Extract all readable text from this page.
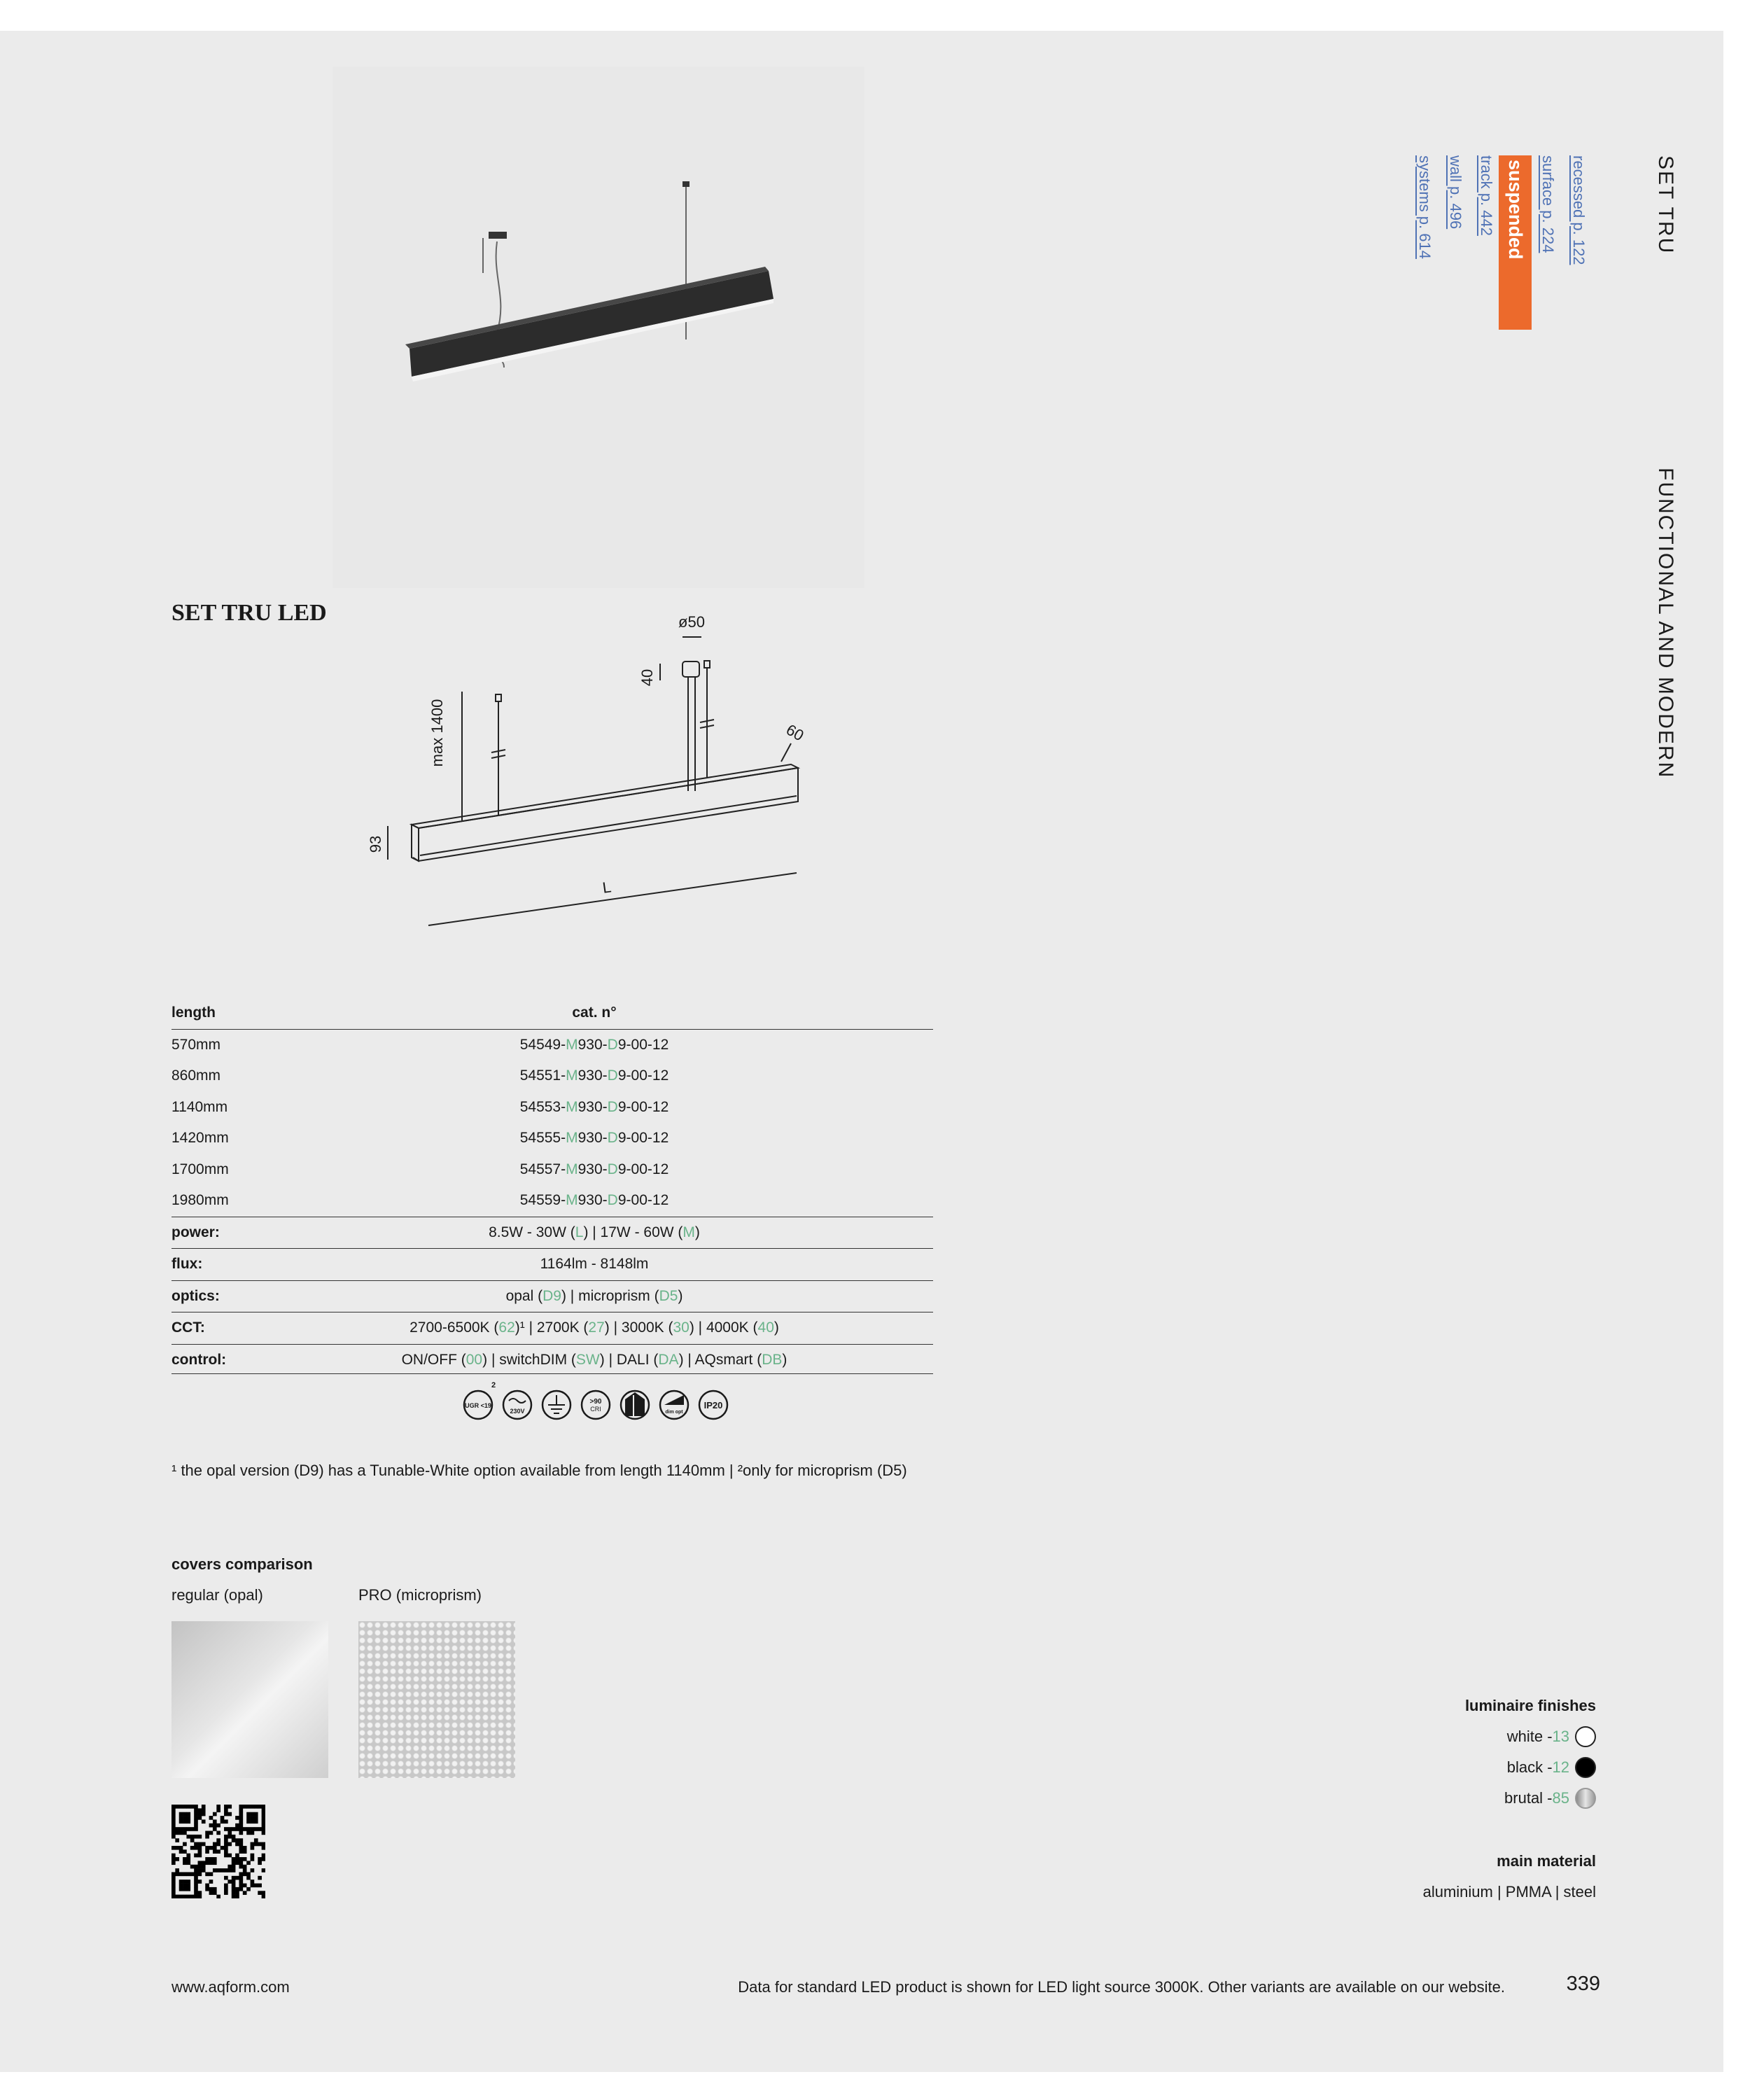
SET TRU
FUNCTIONAL AND MODERN
recessed p. 122
surface p. 224
suspended
track p. 442
wall p. 496
systems p. 614
SET TRU LED	ø50
40
max 1400	60
93
L
length	cat. n°
570mm	54549-M930-D9-00-12
860mm	54551-M930-D9-00-12
1140mm	54553-M930-D9-00-12
1420mm	54555-M930-D9-00-12
1700mm	54557-M930-D9-00-12
1980mm	54559-M930-D9-00-12
power:	8.5W - 30W (L) | 17W - 60W (M)
flux:	1164lm - 8148lm
optics:	opal (D9) | microprism (D5)
CCT:	2700-6500K (62)¹ | 2700K (27) | 3000K (30) | 4000K (40)
control:	ON/OFF (00) | switchDIM (SW) | DALI (DA) | AQsmart (DB)
UGR <19
2
230V
>90
CRI	dim opt
IP20
¹ the opal version (D9) has a Tunable-White option available from length 1140mm | ²only for microprism (D5)
covers comparison
regular (opal)	PRO (microprism)
luminaire finishes
white -13
black -12
brutal -85
main material
aluminium | PMMA | steel
www.aqform.com	Data for standard LED product is shown for LED light source 3000K. Other variants are available on our website.	339
